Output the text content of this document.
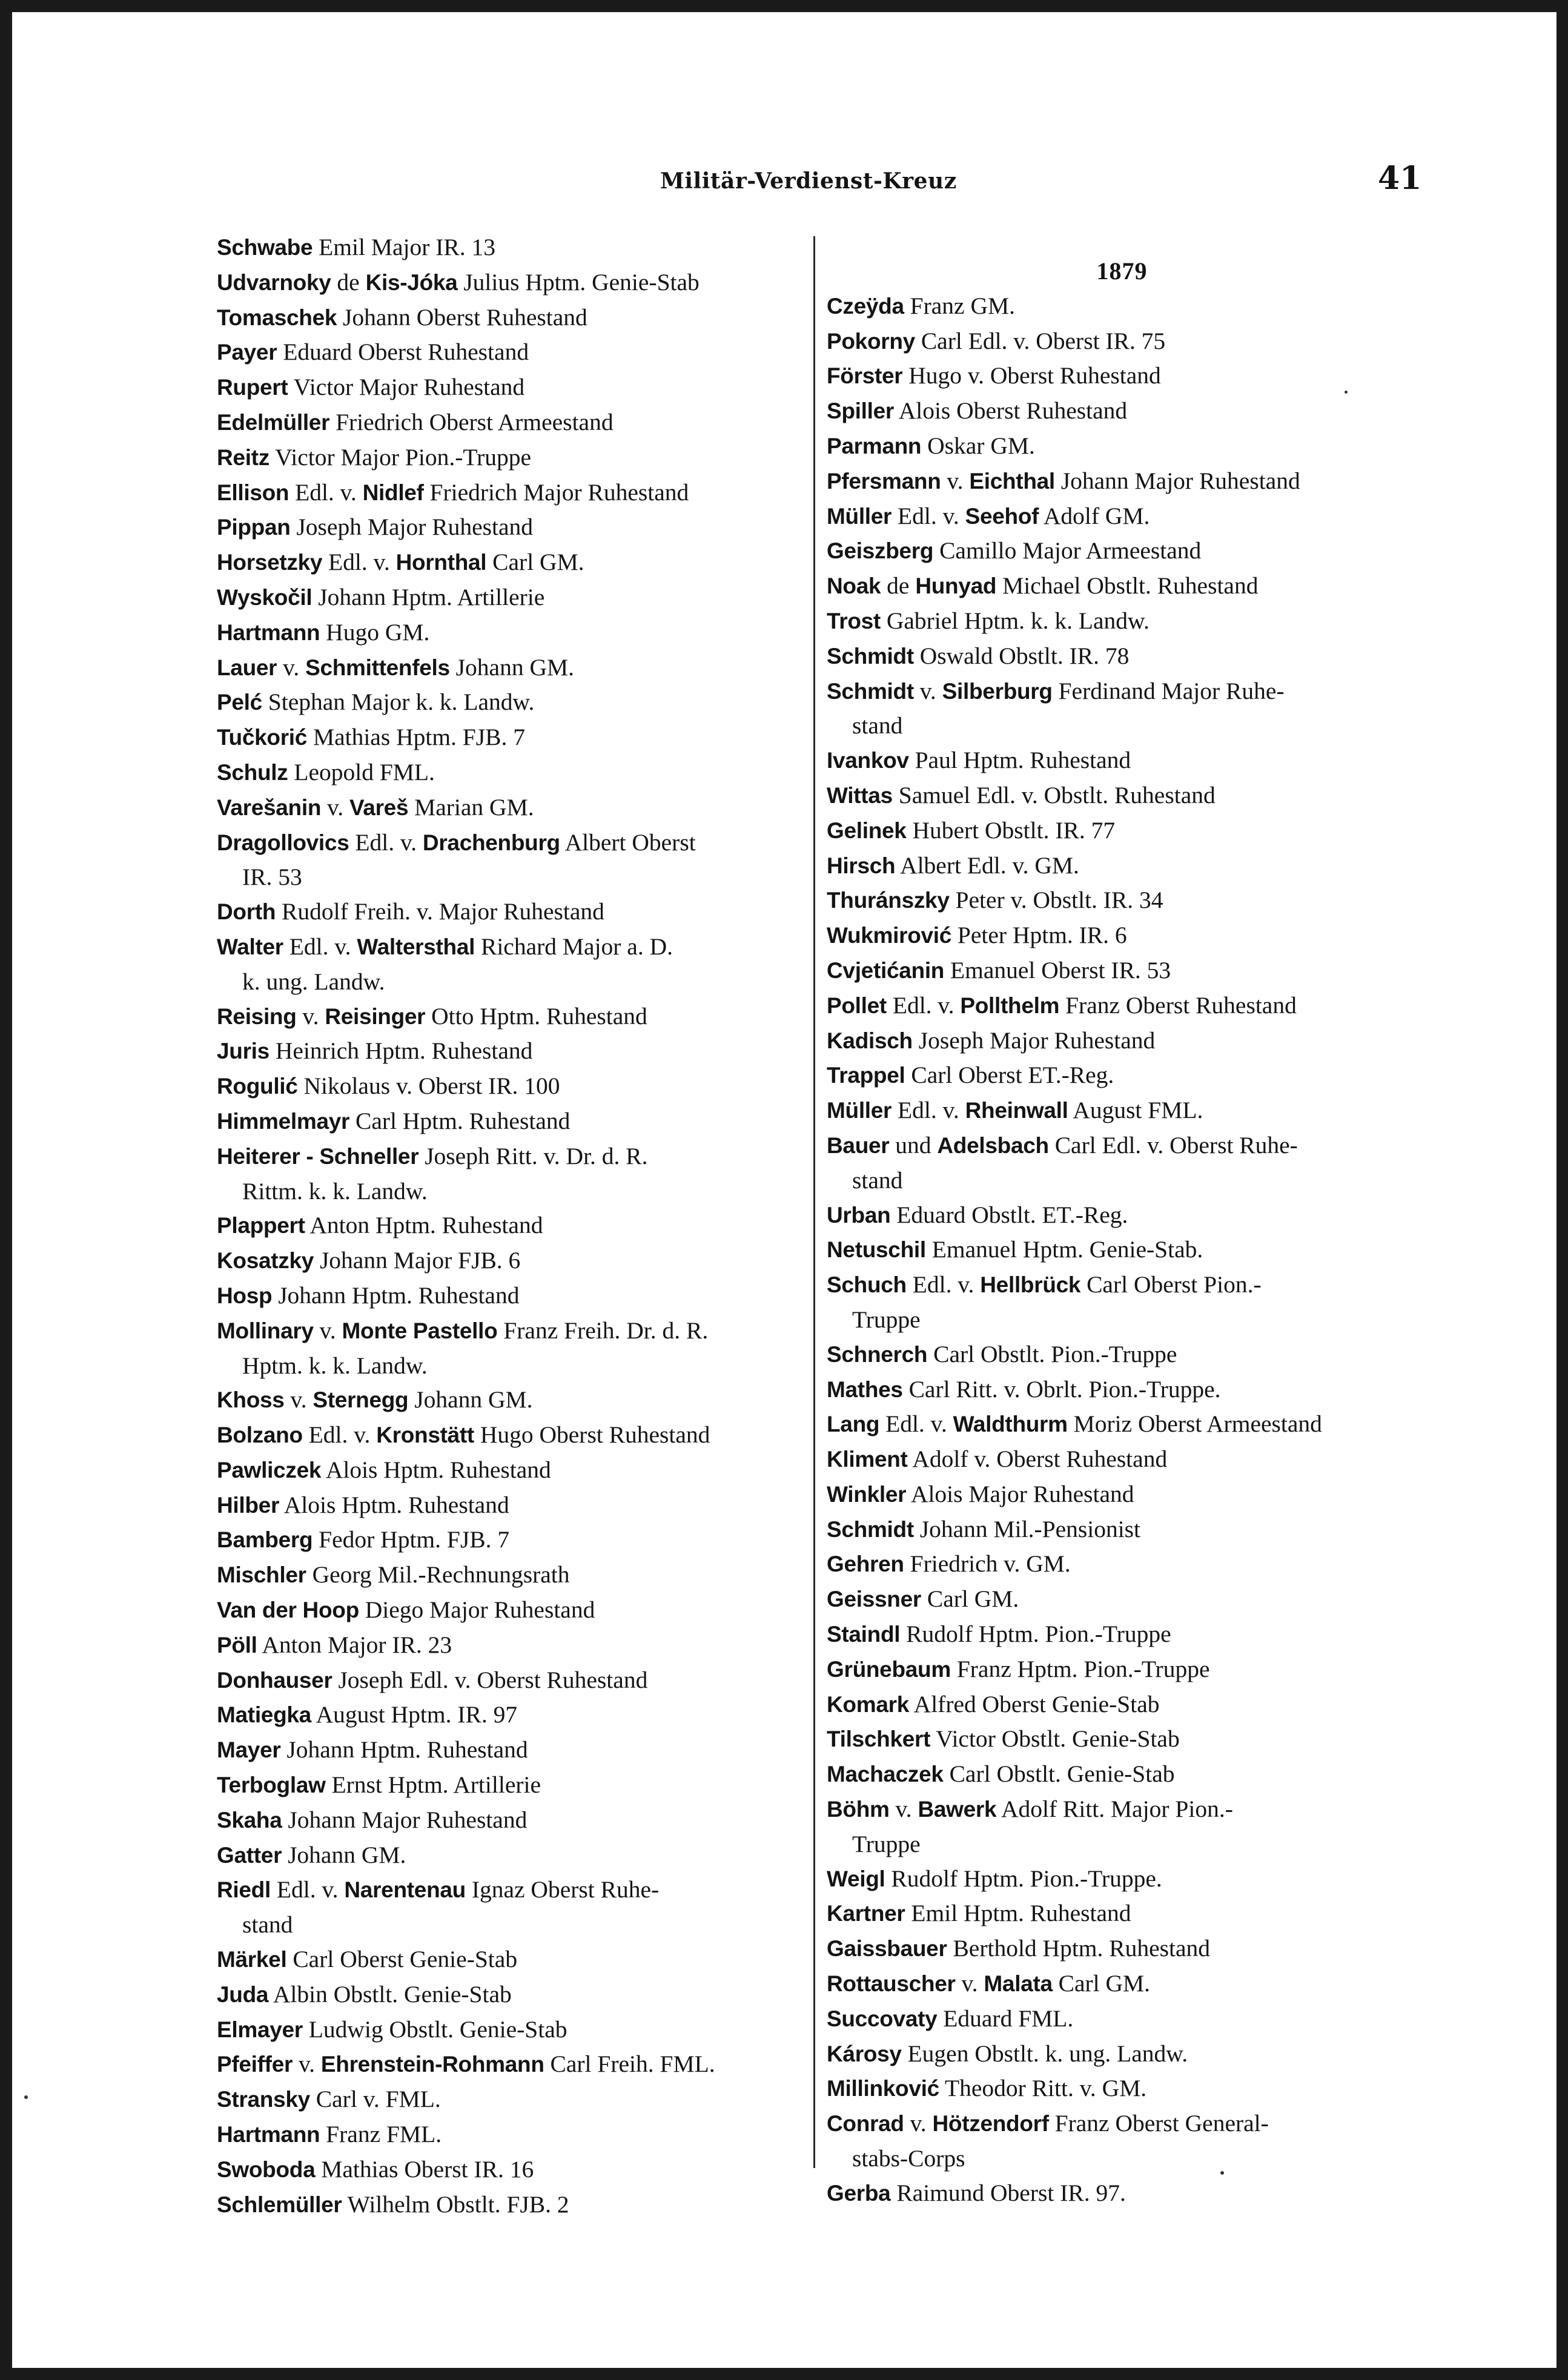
Militär-Verdienst-Kreuz	41
Schwabe Emil Major IR. 13
Udvarnoky de Kis-Jóka Julius Hptm. Genie-Stab
Tomaschek Johann Oberst Ruhestand
Payer Eduard Oberst Ruhestand
Rupert Victor Major Ruhestand
Edelmüller Friedrich Oberst Armeestand
Reitz Victor Major Pion.-Truppe
Ellison Edl. v. Nidlef Friedrich Major Ruhestand
Pippan Joseph Major Ruhestand
Horsetzky Edl. v. Hornthal Carl GM.
Wyskočil Johann Hptm. Artillerie
Hartmann Hugo GM.
Lauer v. Schmittenfels Johann GM.
Pelć Stephan Major k. k. Landw.
Tučkorić Mathias Hptm. FJB. 7
Schulz Leopold FML.
Varešanin v. Vareš Marian GM.
Dragollovics Edl. v. Drachenburg Albert Oberst
IR. 53
Dorth Rudolf Freih. v. Major Ruhestand
Walter Edl. v. Waltersthal Richard Major a. D.
k. ung. Landw.
Reising v. Reisinger Otto Hptm. Ruhestand
Juris Heinrich Hptm. Ruhestand
Rogulić Nikolaus v. Oberst IR. 100
Himmelmayr Carl Hptm. Ruhestand
Heiterer - Schneller Joseph Ritt. v. Dr. d. R.
Rittm. k. k. Landw.
Plappert Anton Hptm. Ruhestand
Kosatzky Johann Major FJB. 6
Hosp Johann Hptm. Ruhestand
Mollinary v. Monte Pastello Franz Freih. Dr. d. R.
Hptm. k. k. Landw.
Khoss v. Sternegg Johann GM.
Bolzano Edl. v. Kronstätt Hugo Oberst Ruhestand
Pawliczek Alois Hptm. Ruhestand
Hilber Alois Hptm. Ruhestand
Bamberg Fedor Hptm. FJB. 7
Mischler Georg Mil.-Rechnungsrath
Van der Hoop Diego Major Ruhestand
Pöll Anton Major IR. 23
Donhauser Joseph Edl. v. Oberst Ruhestand
Matiegka August Hptm. IR. 97
Mayer Johann Hptm. Ruhestand
Terboglaw Ernst Hptm. Artillerie
Skaha Johann Major Ruhestand
Gatter Johann GM.
Riedl Edl. v. Narentenau Ignaz Oberst Ruhe-
stand
Märkel Carl Oberst Genie-Stab
Juda Albin Obstlt. Genie-Stab
Elmayer Ludwig Obstlt. Genie-Stab
Pfeiffer v. Ehrenstein-Rohmann Carl Freih. FML.
Stransky Carl v. FML.
Hartmann Franz FML.
Swoboda Mathias Oberst IR. 16
Schlemüller Wilhelm Obstlt. FJB. 2
1879
Czeÿda Franz GM.
Pokorny Carl Edl. v. Oberst IR. 75
Förster Hugo v. Oberst Ruhestand
Spiller Alois Oberst Ruhestand
Parmann Oskar GM.
Pfersmann v. Eichthal Johann Major Ruhestand
Müller Edl. v. Seehof Adolf GM.
Geiszberg Camillo Major Armeestand
Noak de Hunyad Michael Obstlt. Ruhestand
Trost Gabriel Hptm. k. k. Landw.
Schmidt Oswald Obstlt. IR. 78
Schmidt v. Silberburg Ferdinand Major Ruhe-
stand
Ivankov Paul Hptm. Ruhestand
Wittas Samuel Edl. v. Obstlt. Ruhestand
Gelinek Hubert Obstlt. IR. 77
Hirsch Albert Edl. v. GM.
Thuránszky Peter v. Obstlt. IR. 34
Wukmirović Peter Hptm. IR. 6
Cvjetićanin Emanuel Oberst IR. 53
Pollet Edl. v. Pollthelm Franz Oberst Ruhestand
Kadisch Joseph Major Ruhestand
Trappel Carl Oberst ET.-Reg.
Müller Edl. v. Rheinwall August FML.
Bauer und Adelsbach Carl Edl. v. Oberst Ruhe-
stand
Urban Eduard Obstlt. ET.-Reg.
Netuschil Emanuel Hptm. Genie-Stab.
Schuch Edl. v. Hellbrück Carl Oberst Pion.-
Truppe
Schnerch Carl Obstlt. Pion.-Truppe
Mathes Carl Ritt. v. Obrlt. Pion.-Truppe.
Lang Edl. v. Waldthurm Moriz Oberst Armeestand
Kliment Adolf v. Oberst Ruhestand
Winkler Alois Major Ruhestand
Schmidt Johann Mil.-Pensionist
Gehren Friedrich v. GM.
Geissner Carl GM.
Staindl Rudolf Hptm. Pion.-Truppe
Grünebaum Franz Hptm. Pion.-Truppe
Komark Alfred Oberst Genie-Stab
Tilschkert Victor Obstlt. Genie-Stab
Machaczek Carl Obstlt. Genie-Stab
Böhm v. Bawerk Adolf Ritt. Major Pion.-
Truppe
Weigl Rudolf Hptm. Pion.-Truppe.
Kartner Emil Hptm. Ruhestand
Gaissbauer Berthold Hptm. Ruhestand
Rottauscher v. Malata Carl GM.
Succovaty Eduard FML.
Károsy Eugen Obstlt. k. ung. Landw.
Millinković Theodor Ritt. v. GM.
Conrad v. Hötzendorf Franz Oberst General-
stabs-Corps
Gerba Raimund Oberst IR. 97.
